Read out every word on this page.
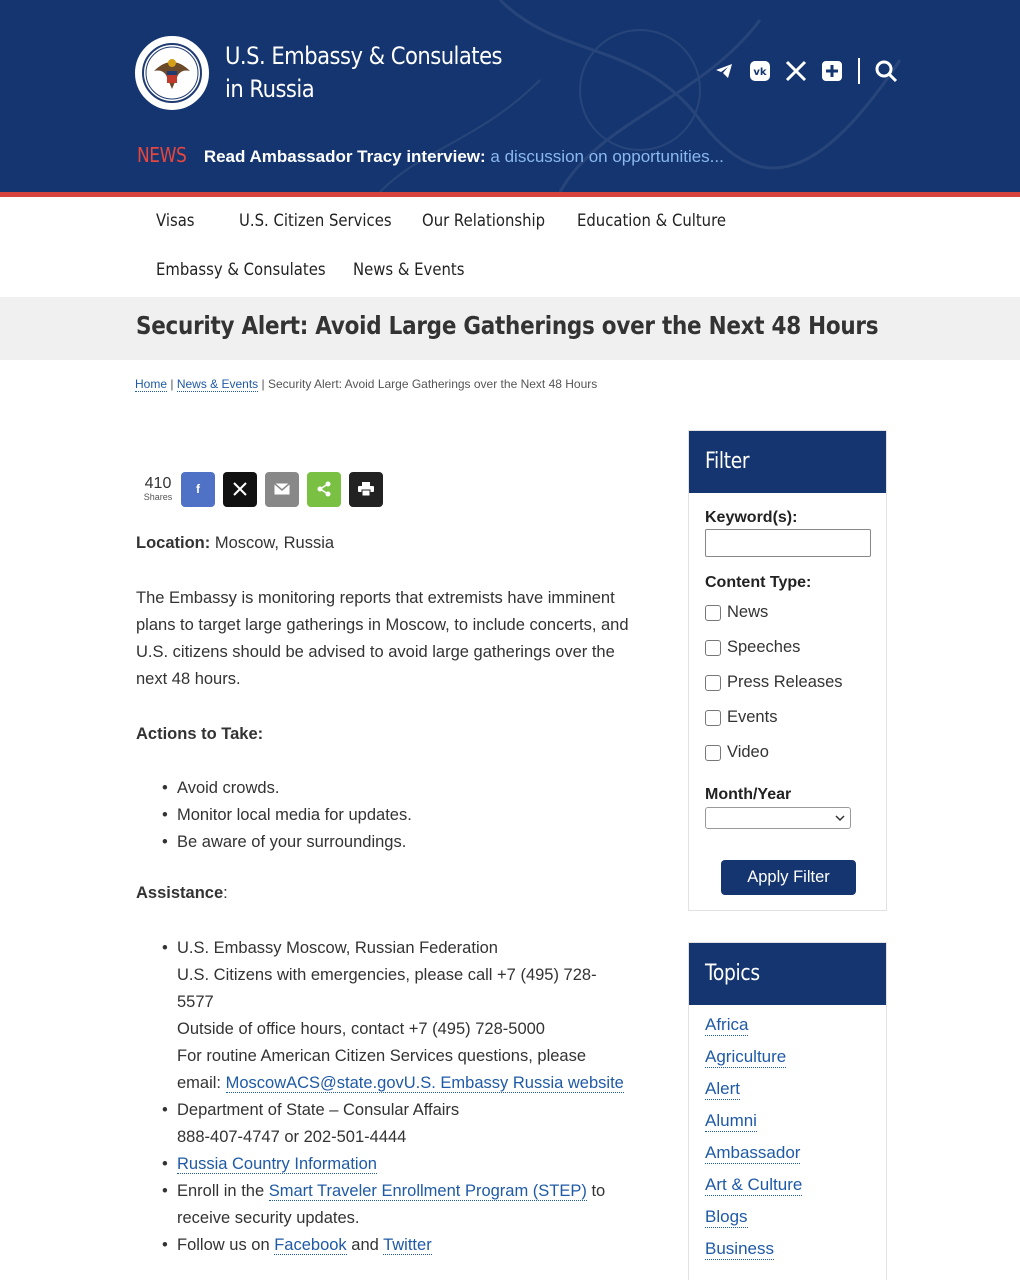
U.S. Embassy & Consulates
in Russia
vk
NEWS Read Ambassador Tracy interview: a discussion on opportunities...
Visas	U.S. Citizen Services Our Relationship Education & Culture
Embassy & Consulates News & Events
Security Alert: Avoid Large Gatherings over the Next 48 Hours
Home | News & Events | Security Alert: Avoid Large Gatherings over the Next 48 Hours
410
Shares
f

Location: Moscow, Russia

The Embassy is monitoring reports that extremists have imminent plans to target large gatherings in Moscow, to include concerts, and U.S. citizens should be advised to avoid large gatherings over the next 48 hours.

Actions to Take:

• Avoid crowds.
• Monitor local media for updates.
• Be aware of your surroundings.

Assistance:

• U.S. Embassy Moscow, Russian Federation
U.S. Citizens with emergencies, please call +7 (495) 728-
5577
Outside of office hours, contact +7 (495) 728-5000
For routine American Citizen Services questions, please
email: MoscowACS@state.govU.S. Embassy Russia website
• Department of State – Consular Affairs
888-407-4747 or 202-501-4444
• Russia Country Information
• Enroll in the Smart Traveler Enrollment Program (STEP) to
receive security updates.
• Follow us on Facebook and Twitter
Filter
Keyword(s):
Content Type:
News
Speeches
Press Releases
Events
Video
Month/Year
Apply Filter
Topics
Africa
Agriculture
Alert
Alumni
Ambassador
Art & Culture
Blogs
Business
